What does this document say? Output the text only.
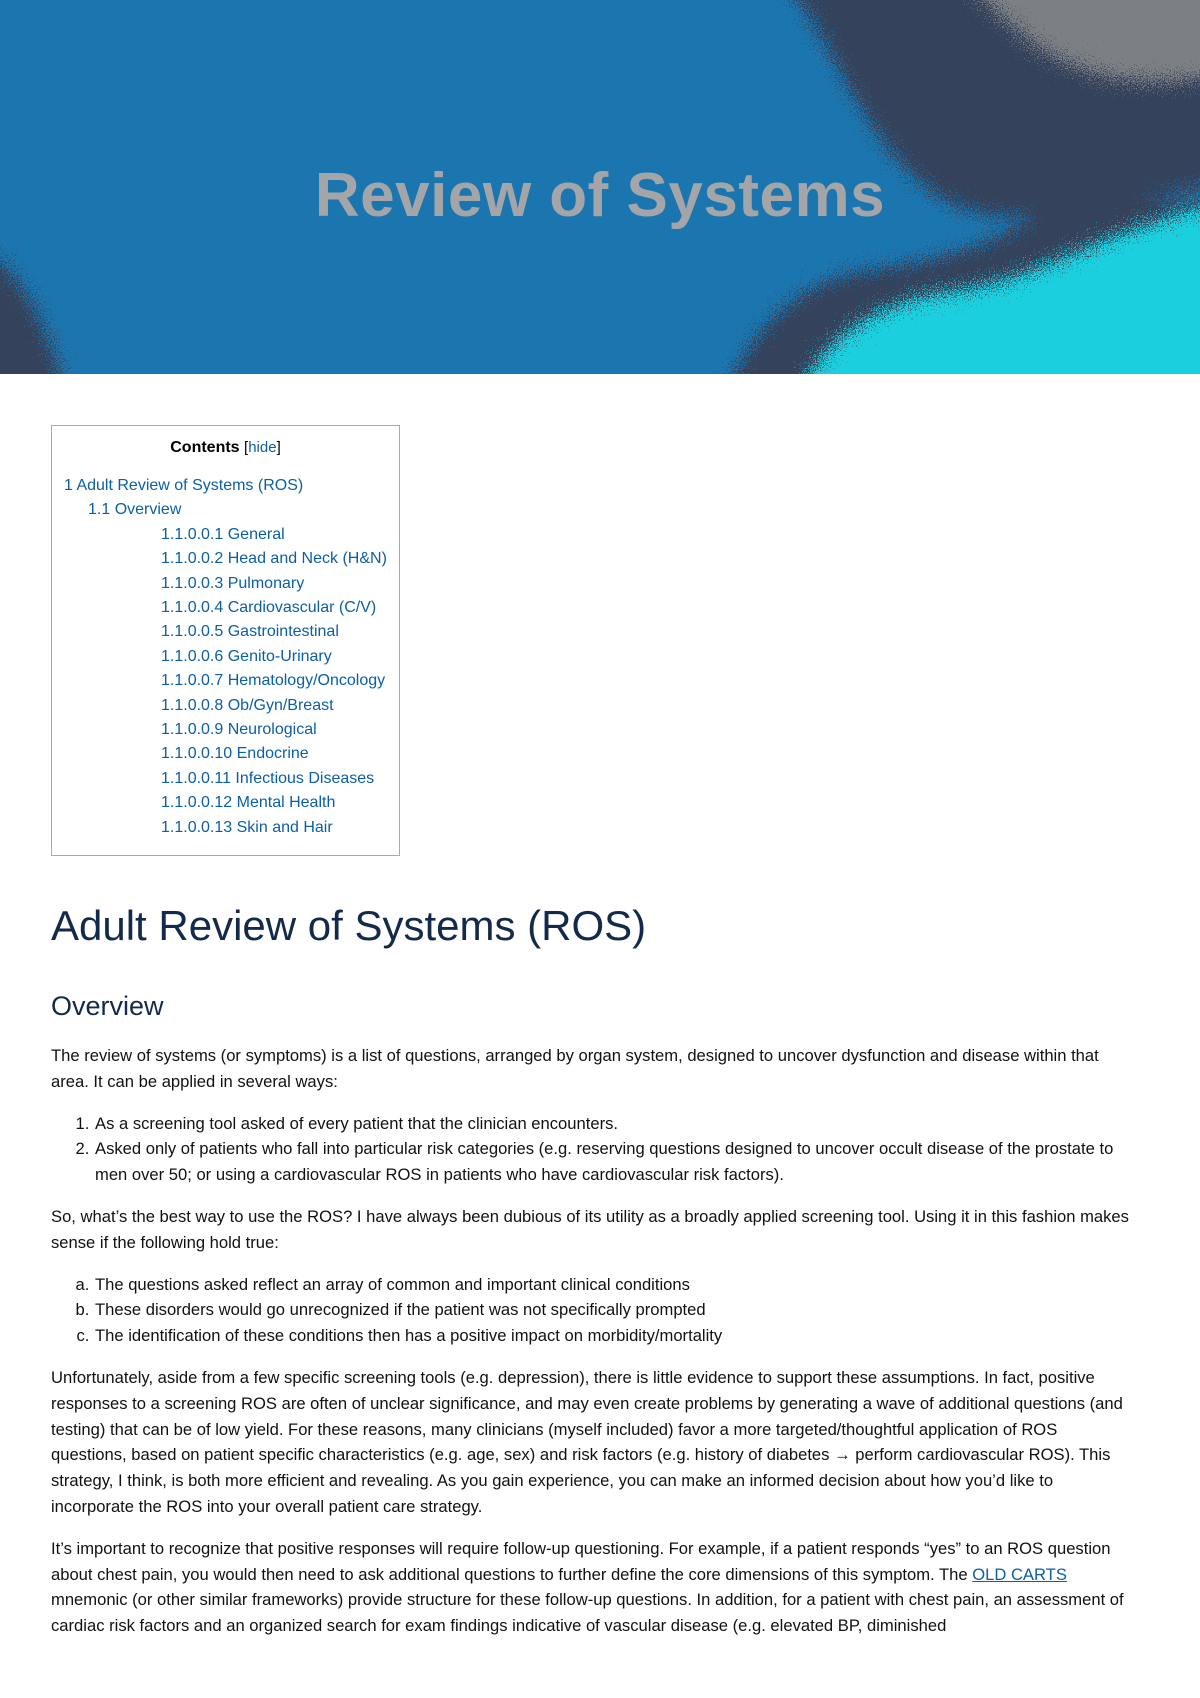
Review of Systems
Contents [hide]
1 Adult Review of Systems (ROS)
1.1 Overview
1.1.0.0.1 General
1.1.0.0.2 Head and Neck (H&N)
1.1.0.0.3 Pulmonary
1.1.0.0.4 Cardiovascular (C/V)
1.1.0.0.5 Gastrointestinal
1.1.0.0.6 Genito-Urinary
1.1.0.0.7 Hematology/Oncology
1.1.0.0.8 Ob/Gyn/Breast
1.1.0.0.9 Neurological
1.1.0.0.10 Endocrine
1.1.0.0.11 Infectious Diseases
1.1.0.0.12 Mental Health
1.1.0.0.13 Skin and Hair
Adult Review of Systems (ROS)
Overview

The review of systems (or symptoms) is a list of questions, arranged by organ system, designed to uncover dysfunction and disease within that area. It can be applied in several ways:

1. As a screening tool asked of every patient that the clinician encounters.
2. Asked only of patients who fall into particular risk categories (e.g. reserving questions designed to uncover occult disease of the prostate to men over 50; or using a cardiovascular ROS in patients who have cardiovascular risk factors).

So, what’s the best way to use the ROS? I have always been dubious of its utility as a broadly applied screening tool. Using it in this fashion makes sense if the following hold true:

a. The questions asked reflect an array of common and important clinical conditions
b. These disorders would go unrecognized if the patient was not specifically prompted
c. The identification of these conditions then has a positive impact on morbidity/mortality

Unfortunately, aside from a few specific screening tools (e.g. depression), there is little evidence to support these assumptions. In fact, positive responses to a screening ROS are often of unclear significance, and may even create problems by generating a wave of additional questions (and testing) that can be of low yield. For these reasons, many clinicians (myself included) favor a more targeted/thoughtful application of ROS questions, based on patient specific characteristics (e.g. age, sex) and risk factors (e.g. history of diabetes → perform cardiovascular ROS). This strategy, I think, is both more efficient and revealing. As you gain experience, you can make an informed decision about how you’d like to incorporate the ROS into your overall patient care strategy.

It’s important to recognize that positive responses will require follow-up questioning. For example, if a patient responds “yes” to an ROS question about chest pain, you would then need to ask additional questions to further define the core dimensions of this symptom. The OLD CARTS mnemonic (or other similar frameworks) provide structure for these follow-up questions. In addition, for a patient with chest pain, an assessment of cardiac risk factors and an organized search for exam findings indicative of vascular disease (e.g. elevated BP, diminished
